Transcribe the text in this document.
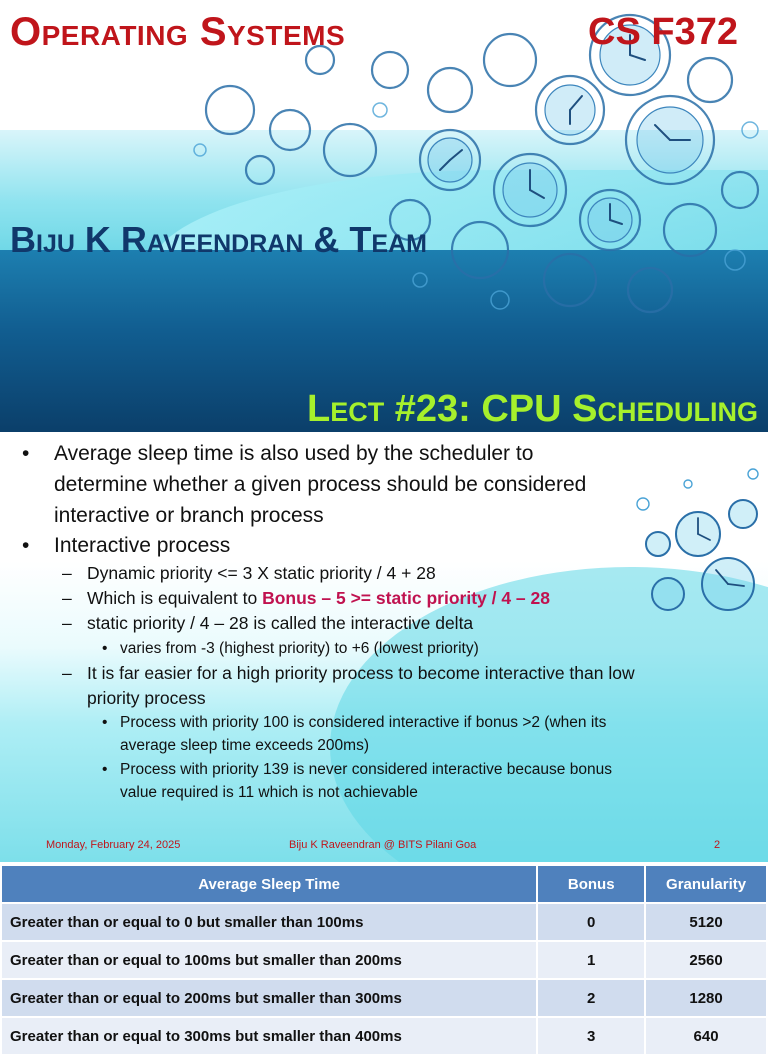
Operating Systems	CS F372
Biju K Raveendran & Team
Lect #23: CPU Scheduling
•	Average sleep time is also used by the scheduler to determine whether a given process should be considered interactive or branch process
•	Interactive process
– Dynamic priority <= 3 X static priority / 4 + 28
– Which is equivalent to Bonus – 5 >= static priority / 4 – 28
– static priority / 4 – 28 is called the interactive delta
• varies from -3 (highest priority) to +6 (lowest priority)
– It is far easier for a high priority process to become interactive than low priority process
• Process with priority 100 is considered interactive if bonus >2 (when its average sleep time exceeds 200ms)
• Process with priority 139 is never considered interactive because bonus value required is 11 which is not achievable
Monday, February 24, 2025	Biju K Raveendran @ BITS Pilani Goa	2
Average Sleep Time	Bonus	Granularity
Greater than or equal to 0 but smaller than 100ms	0	5120
Greater than or equal to 100ms but smaller than 200ms	1	2560
Greater than or equal to 200ms but smaller than 300ms	2	1280
Greater than or equal to 300ms but smaller than 400ms	3	640
